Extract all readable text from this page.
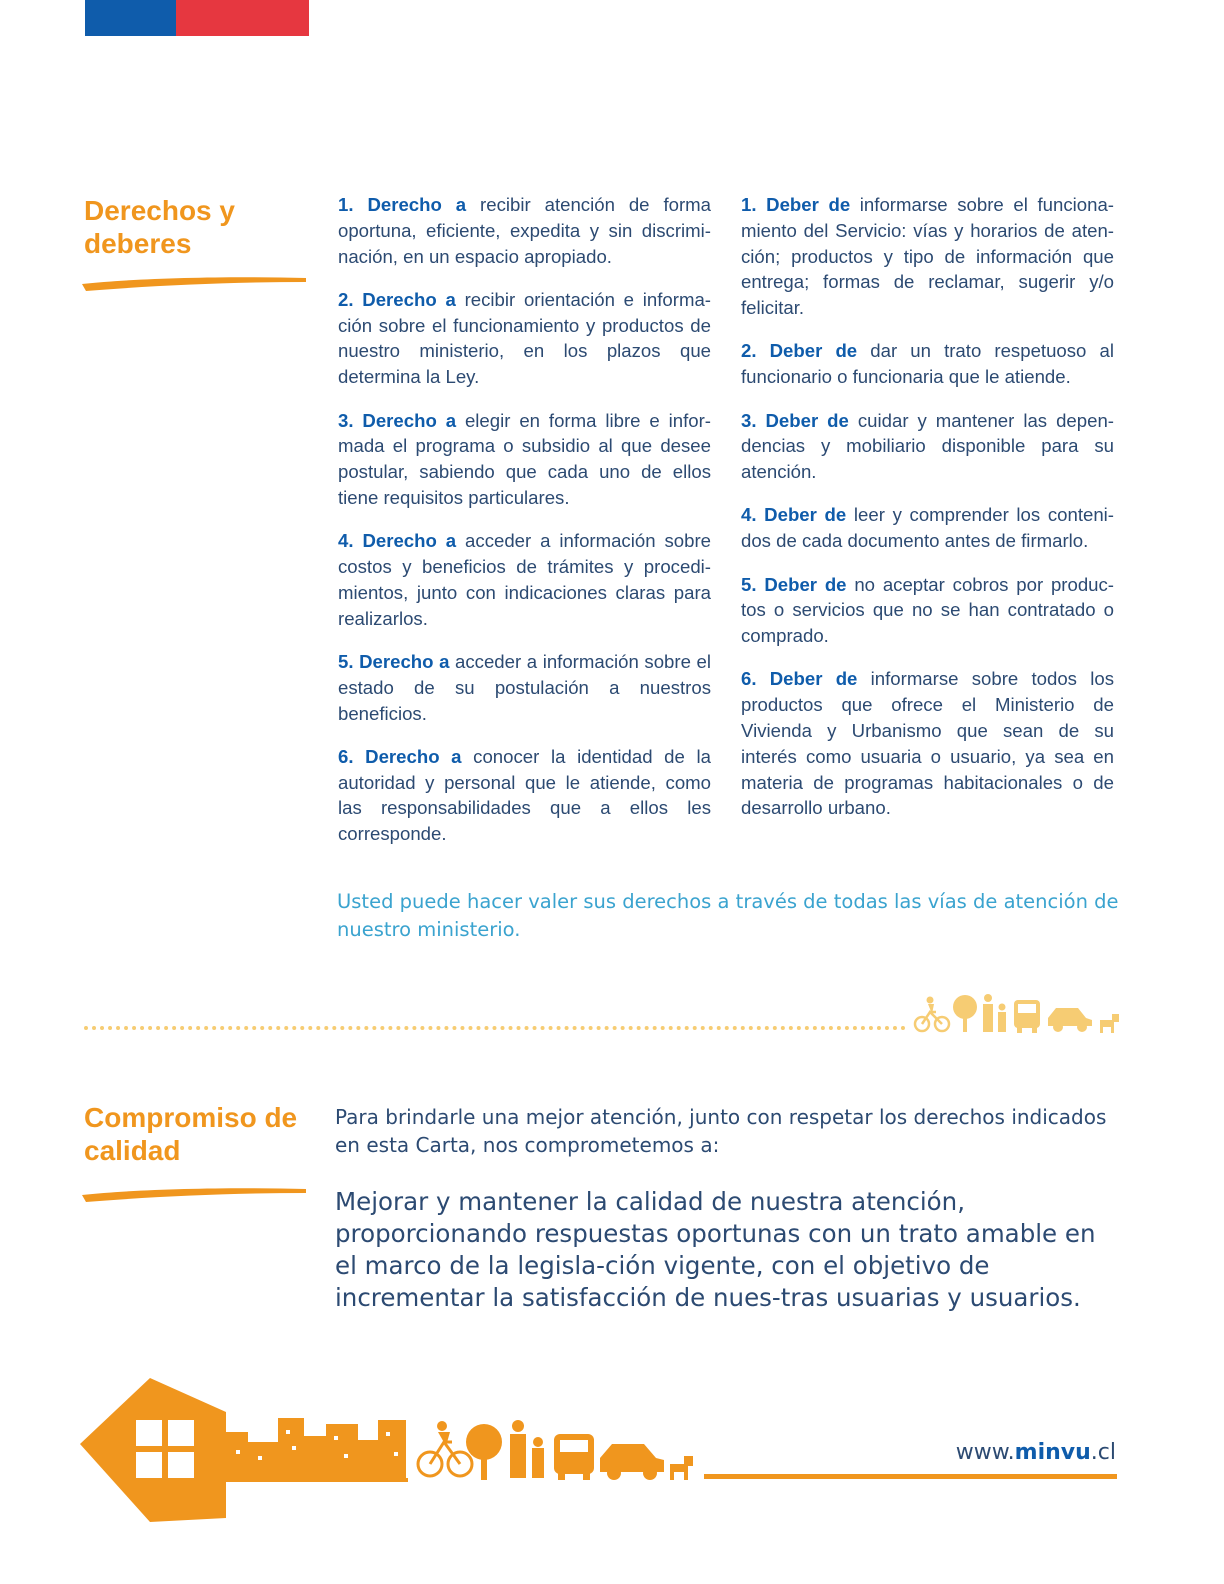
Derechos y
deberes

1. Derecho a recibir atención de forma oportuna, eficiente, expedita y sin discrimi-nación, en un espacio apropiado.

2. Derecho a recibir orientación e informa-ción sobre el funcionamiento y productos de nuestro ministerio, en los plazos que determina la Ley.

3. Derecho a elegir en forma libre e infor-mada el programa o subsidio al que desee postular, sabiendo que cada uno de ellos tiene requisitos particulares.

4. Derecho a acceder a información sobre costos y beneficios de trámites y procedi-mientos, junto con indicaciones claras para realizarlos.

5. Derecho a acceder a información sobre el estado de su postulación a nuestros beneficios.

6. Derecho a conocer la identidad de la autoridad y personal que le atiende, como las responsabilidades que a ellos les corresponde.

1. Deber de informarse sobre el funciona-miento del Servicio: vías y horarios de aten-ción; productos y tipo de información que entrega; formas de reclamar, sugerir y/o felicitar.

2. Deber de dar un trato respetuoso al funcionario o funcionaria que le atiende.

3. Deber de cuidar y mantener las depen-dencias y mobiliario disponible para su atención.

4. Deber de leer y comprender los conteni-dos de cada documento antes de firmarlo.

5. Deber de no aceptar cobros por produc-tos o servicios que no se han contratado o comprado.

6. Deber de informarse sobre todos los productos que ofrece el Ministerio de Vivienda y Urbanismo que sean de su interés como usuaria o usuario, ya sea en materia de programas habitacionales o de desarrollo urbano.

Usted puede hacer valer sus derechos a través de todas las vías de atención de nuestro ministerio.

Compromiso de
calidad

Para brindarle una mejor atención, junto con respetar los derechos indicados en esta Carta, nos comprometemos a:

Mejorar y mantener la calidad de nuestra atención, proporcionando respuestas oportunas con un trato amable en el marco de la legisla-ción vigente, con el objetivo de incrementar la satisfacción de nues-tras usuarias y usuarios.

www.minvu.cl
